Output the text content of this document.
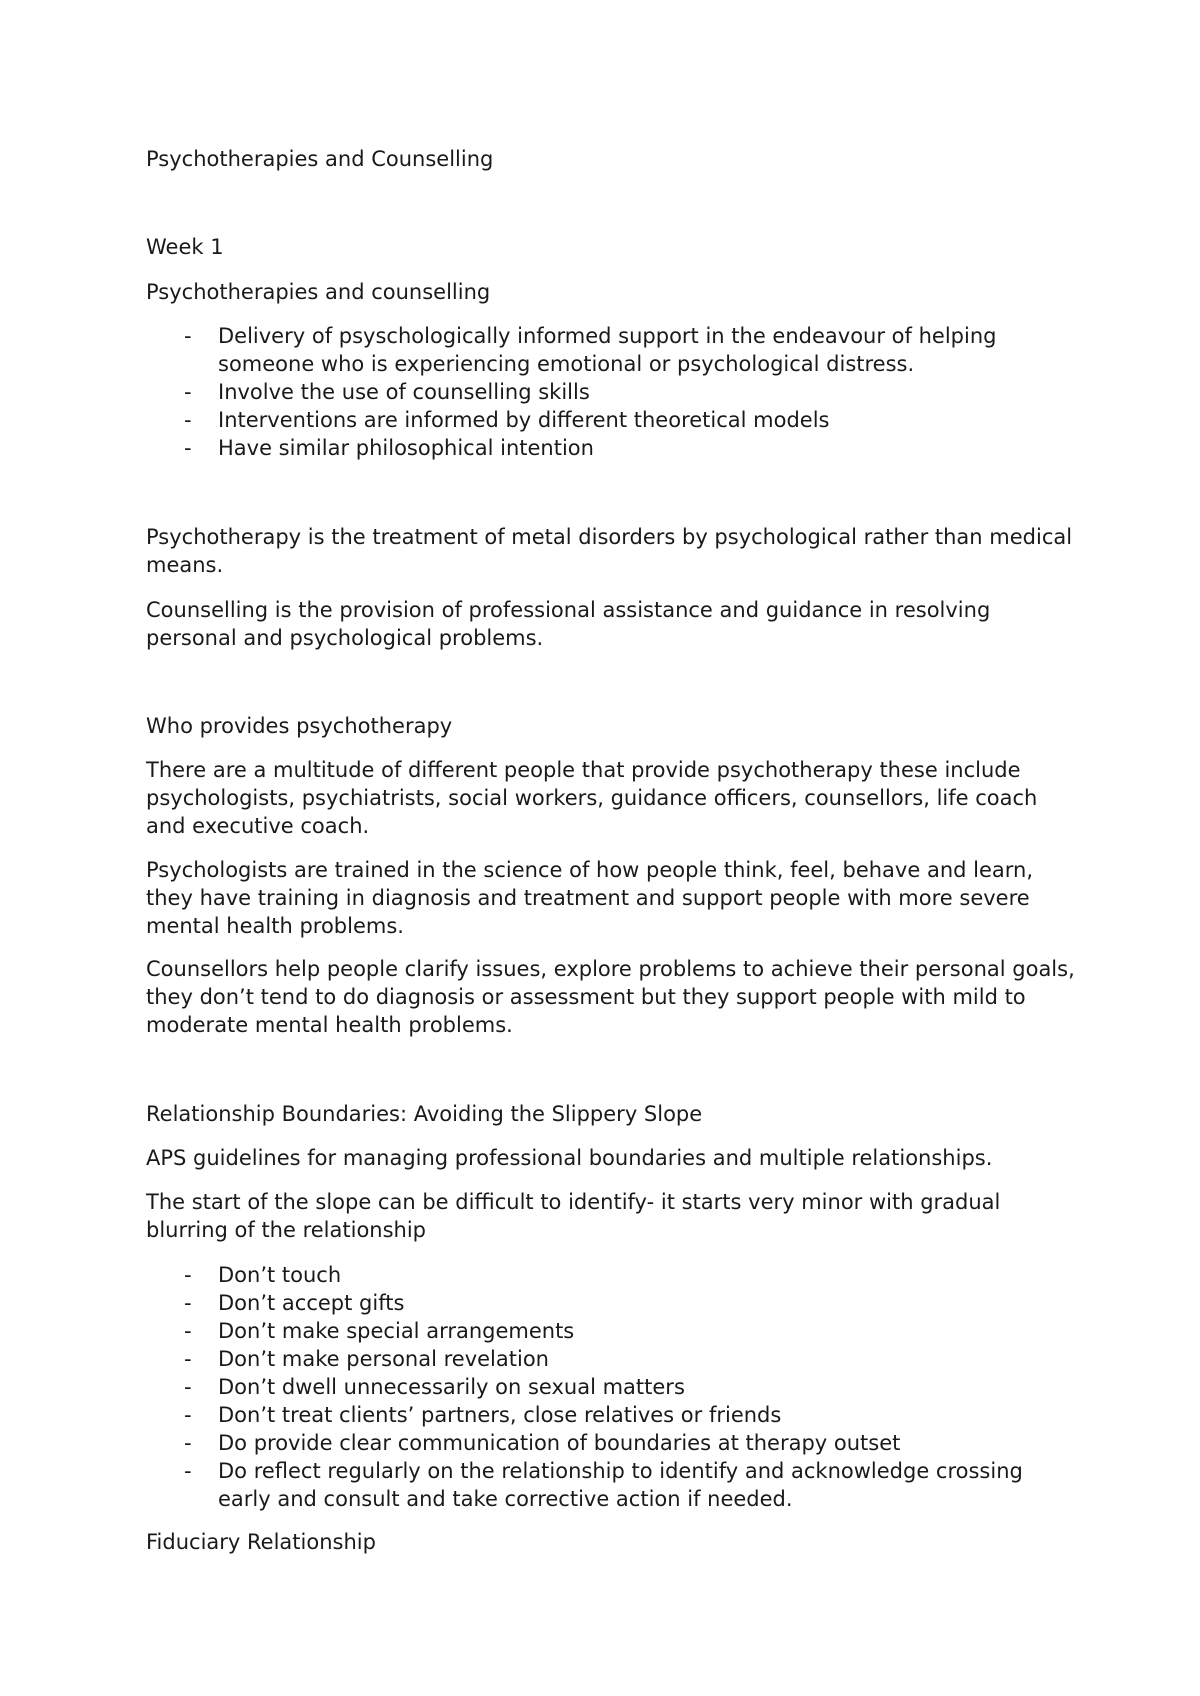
Psychotherapies and Counselling

Week 1

Psychotherapies and counselling

- Delivery of psyschologically informed support in the endeavour of helping someone who is experiencing emotional or psychological distress.
- Involve the use of counselling skills
- Interventions are informed by different theoretical models
- Have similar philosophical intention

Psychotherapy is the treatment of metal disorders by psychological rather than medical means.

Counselling is the provision of professional assistance and guidance in resolving personal and psychological problems.

Who provides psychotherapy

There are a multitude of different people that provide psychotherapy these include psychologists, psychiatrists, social workers, guidance officers, counsellors, life coach and executive coach.

Psychologists are trained in the science of how people think, feel, behave and learn, they have training in diagnosis and treatment and support people with more severe mental health problems.

Counsellors help people clarify issues, explore problems to achieve their personal goals, they don’t tend to do diagnosis or assessment but they support people with mild to moderate mental health problems.

Relationship Boundaries: Avoiding the Slippery Slope

APS guidelines for managing professional boundaries and multiple relationships.

The start of the slope can be difficult to identify- it starts very minor with gradual blurring of the relationship

- Don’t touch
- Don’t accept gifts
- Don’t make special arrangements
- Don’t make personal revelation
- Don’t dwell unnecessarily on sexual matters
- Don’t treat clients’ partners, close relatives or friends
- Do provide clear communication of boundaries at therapy outset
- Do reflect regularly on the relationship to identify and acknowledge crossing early and consult and take corrective action if needed.

Fiduciary Relationship
